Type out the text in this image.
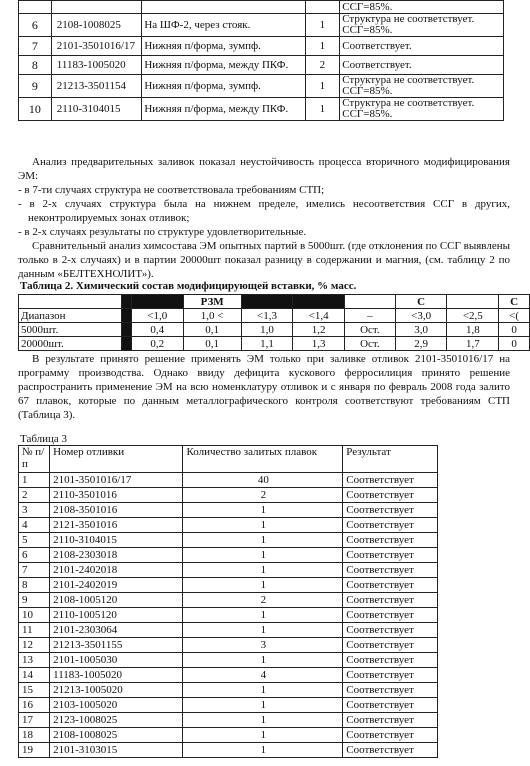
				ССГ=85%.
6	2108-1008025	На ШФ-2, через стояк.	1	Структура не соответствует. ССГ=85%.
7	2101-3501016/17	Нижняя п/форма, зумпф.	1	Соответствует.
8	11183-1005020	Нижняя п/форма, между ПКФ.	2	Соответствует.
9	21213-3501154	Нижняя п/форма, зумпф.	1	Структура не соответствует. ССГ=85%.
10	2110-3104015	Нижняя п/форма, между ПКФ.	1	Структура не соответствует. ССГ=85%.

Анализ предварительных заливок показал неустойчивость процесса вторичного модифицирования ЭМ:

- в 7-ти случаях структура не соответствовала требованиям СТП;

- в 2-х случаях структура была на нижнем пределе, имелись несоответствия ССГ в других, неконтролируемых зонах отливок;

- в 2-х случаях результаты по структуре удовлетворительные.

Сравнительный анализ химсостава ЭМ опытных партий в 5000шт. (где отклонения по ССГ выявлены только в 2-х случаях) и в партии 20000шт показал разницу в содержании и магния, (см. таблицу 2 по данным «БЕЛТЕХНОЛИТ»).

Таблица 2. Химический состав модифицирующей вставки, % масс.
			РЗМ				C		C
Диапазон		<1,0	1,0 <	<1,3	<1,4	–	<3,0	<2,5	<(
5000шт.		0,4	0,1	1,0	1,2	Ост.	3,0	1,8	0
20000шт.		0,2	0,1	1,1	1,3	Ост.	2,9	1,7	0

В результате принято решение применять ЭМ только при заливке отливок 2101-3501016/17 на программу производства. Однако ввиду дефицита кускового ферросилиция принято решение распространить применение ЭМ на всю номенклатуру отливок и с января по февраль 2008 года залито 67 плавок, которые по данным металлографического контроля соответствуют требованиям СТП (Таблица 3).

Таблица 3
№ п/п	Номер отливки	Количество залитых плавок	Результат
1	2101-3501016/17	40	Соответствует
2	2110-3501016	2	Соответствует
3	2108-3501016	1	Соответствует
4	2121-3501016	1	Соответствует
5	2110-3104015	1	Соответствует
6	2108-2303018	1	Соответствует
7	2101-2402018	1	Соответствует
8	2101-2402019	1	Соответствует
9	2108-1005120	2	Соответствует
10	2110-1005120	1	Соответствует
11	2101-2303064	1	Соответствует
12	21213-3501155	3	Соответствует
13	2101-1005030	1	Соответствует
14	11183-1005020	4	Соответствует
15	21213-1005020	1	Соответствует
16	2103-1005020	1	Соответствует
17	2123-1008025	1	Соответствует
18	2108-1008025	1	Соответствует
19	2101-3103015	1	Соответствует
